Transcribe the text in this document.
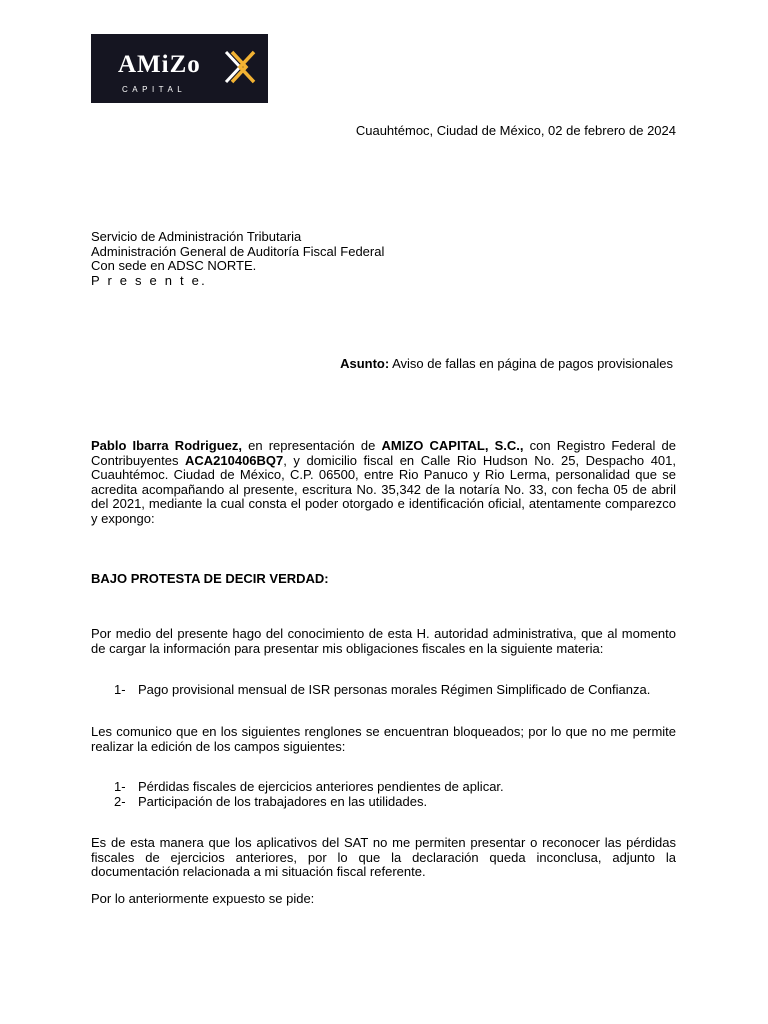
AMiZo
CAPITAL
Cuauhtémoc, Ciudad de México, 02 de febrero de 2024
Servicio de Administración Tributaria
Administración General de Auditoría Fiscal Federal
Con sede en ADSC NORTE.
P r e s e n t e.
Asunto: Aviso de fallas en página de pagos provisionales
Pablo Ibarra Rodriguez, en representación de AMIZO CAPITAL, S.C., con Registro Federal de Contribuyentes ACA210406BQ7, y domicilio fiscal en Calle Rio Hudson No. 25, Despacho 401, Cuauhtémoc. Ciudad de México, C.P. 06500, entre Rio Panuco y Rio Lerma, personalidad que se acredita acompañando al presente, escritura No. 35,342 de la notaría No. 33, con fecha 05 de abril del 2021, mediante la cual consta el poder otorgado e identificación oficial, atentamente comparezco y expongo:
BAJO PROTESTA DE DECIR VERDAD:
Por medio del presente hago del conocimiento de esta H. autoridad administrativa, que al momento de cargar la información para presentar mis obligaciones fiscales en la siguiente materia:
1- Pago provisional mensual de ISR personas morales Régimen Simplificado de Confianza.
Les comunico que en los siguientes renglones se encuentran bloqueados; por lo que no me permite realizar la edición de los campos siguientes:
1- Pérdidas fiscales de ejercicios anteriores pendientes de aplicar.
2- Participación de los trabajadores en las utilidades.
Es de esta manera que los aplicativos del SAT no me permiten presentar o reconocer las pérdidas fiscales de ejercicios anteriores, por lo que la declaración queda inconclusa, adjunto la documentación relacionada a mi situación fiscal referente.
Por lo anteriormente expuesto se pide:
